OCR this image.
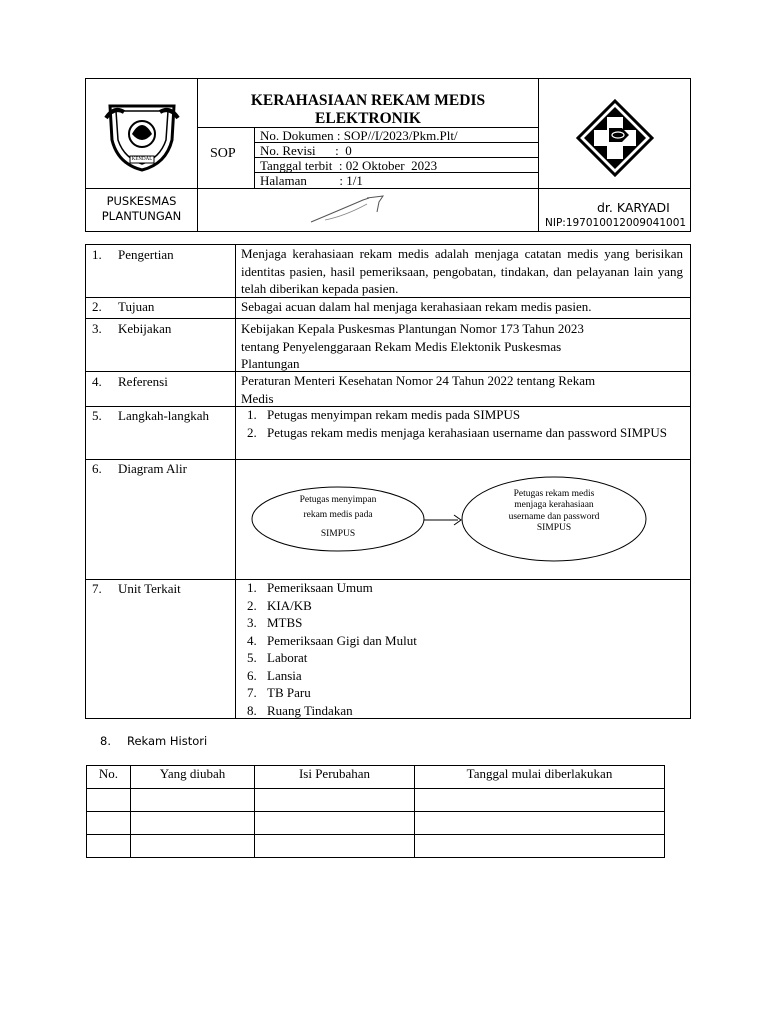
KENDAL
KERAHASIAAN REKAM MEDIS
ELEKTRONIK
SOP
No. Dokumen : SOP//I/2023/Pkm.Plt/
No. Revisi      :  0
Tanggal terbit  : 02 Oktober  2023
Halaman          : 1/1
PUSKESMAS
PLANTUNGAN
dr. KARYADI
NIP:197010012009041001
1. Pengertian	Menjaga kerahasiaan rekam medis adalah menjaga catatan medis yang berisikan identitas pasien, hasil pemeriksaan, pengobatan, tindakan, dan pelayanan lain yang telah diberikan kepada pasien.
2. Tujuan	Sebagai acuan dalam hal menjaga kerahasiaan rekam medis pasien.
3. Kebijakan	Kebijakan Kepala Puskesmas Plantungan Nomor 173 Tahun 2023
tentang Penyelenggaraan Rekam Medis Elektonik Puskesmas
Plantungan
4. Referensi	Peraturan Menteri Kesehatan Nomor 24 Tahun 2022 tentang Rekam
Medis
5. Langkah-langkah	1. Petugas menyimpan rekam medis pada SIMPUS
2. Petugas rekam medis menjaga kerahasiaan username dan password SIMPUS
6. Diagram Alir
Petugas menyimpan
rekam medis pada
SIMPUS
Petugas rekam medis
menjaga kerahasiaan
username dan password
SIMPUS
7. Unit Terkait	1. Pemeriksaan Umum
2. KIA/KB
3. MTBS
4. Pemeriksaan Gigi dan Mulut
5. Laborat
6. Lansia
7. TB Paru
8. Ruang Tindakan
8. Rekam Histori
No.	Yang diubah	Isi Perubahan	Tanggal mulai diberlakukan
